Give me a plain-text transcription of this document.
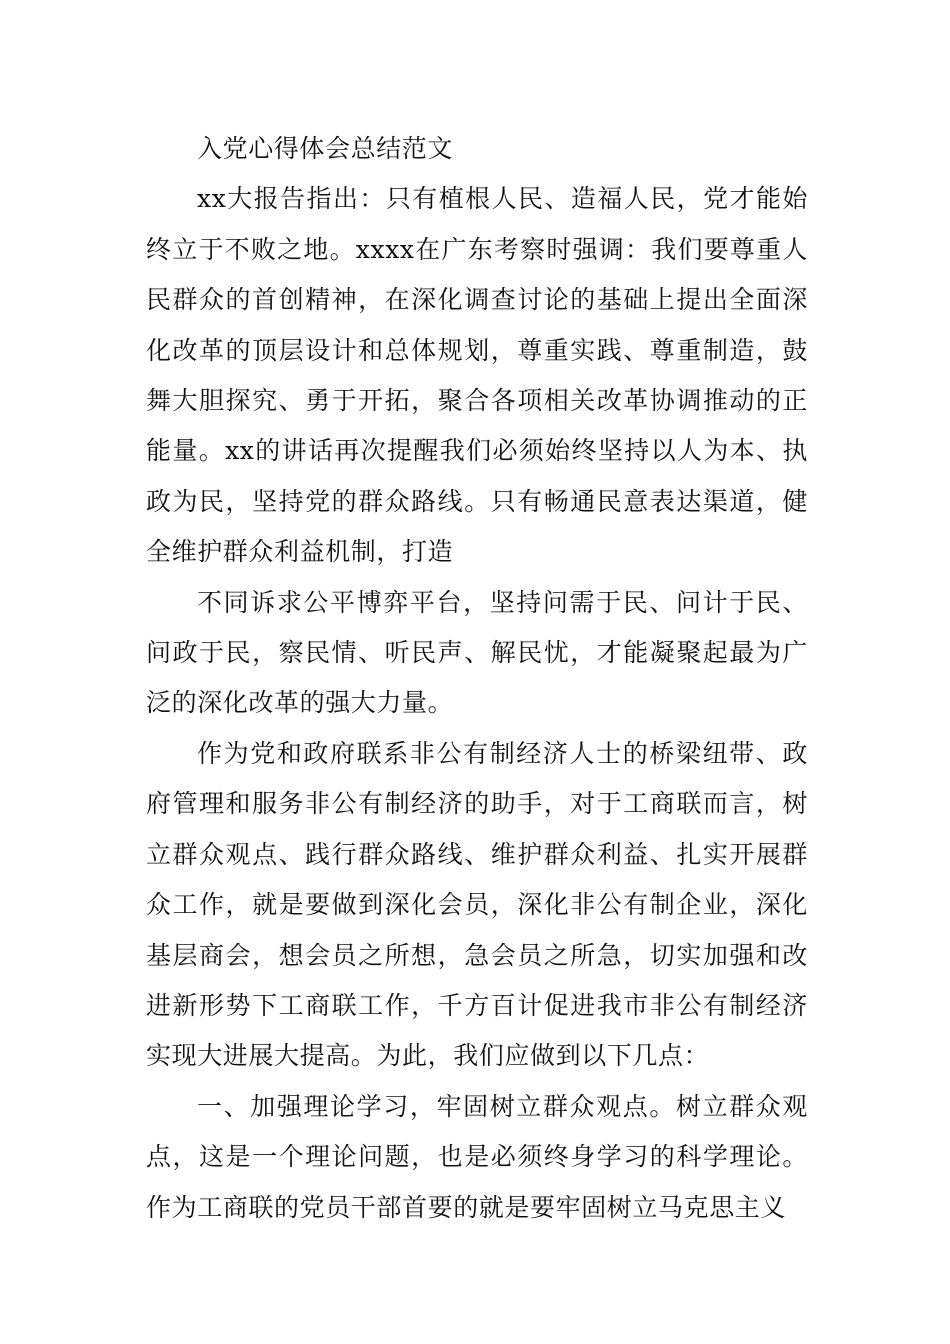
入党心得体会总结范文

xx大报告指出：只有植根人民、造福人民，党才能始终立于不败之地。xxxx在广东考察时强调：我们要尊重人民群众的首创精神，在深化调查讨论的基础上提出全面深化改革的顶层设计和总体规划，尊重实践、尊重制造，鼓舞大胆探究、勇于开拓，聚合各项相关改革协调推动的正能量。xx的讲话再次提醒我们必须始终坚持以人为本、执政为民，坚持党的群众路线。只有畅通民意表达渠道，健全维护群众利益机制，打造

不同诉求公平博弈平台，坚持问需于民、问计于民、问政于民，察民情、听民声、解民忧，才能凝聚起最为广泛的深化改革的强大力量。

作为党和政府联系非公有制经济人士的桥梁纽带、政府管理和服务非公有制经济的助手，对于工商联而言，树立群众观点、践行群众路线、维护群众利益、扎实开展群众工作，就是要做到深化会员，深化非公有制企业，深化基层商会，想会员之所想，急会员之所急，切实加强和改进新形势下工商联工作，千方百计促进我市非公有制经济实现大进展大提高。为此，我们应做到以下几点：

一、加强理论学习，牢固树立群众观点。树立群众观点，这是一个理论问题，也是必须终身学习的科学理论。作为工商联的党员干部首要的就是要牢固树立马克思主义
